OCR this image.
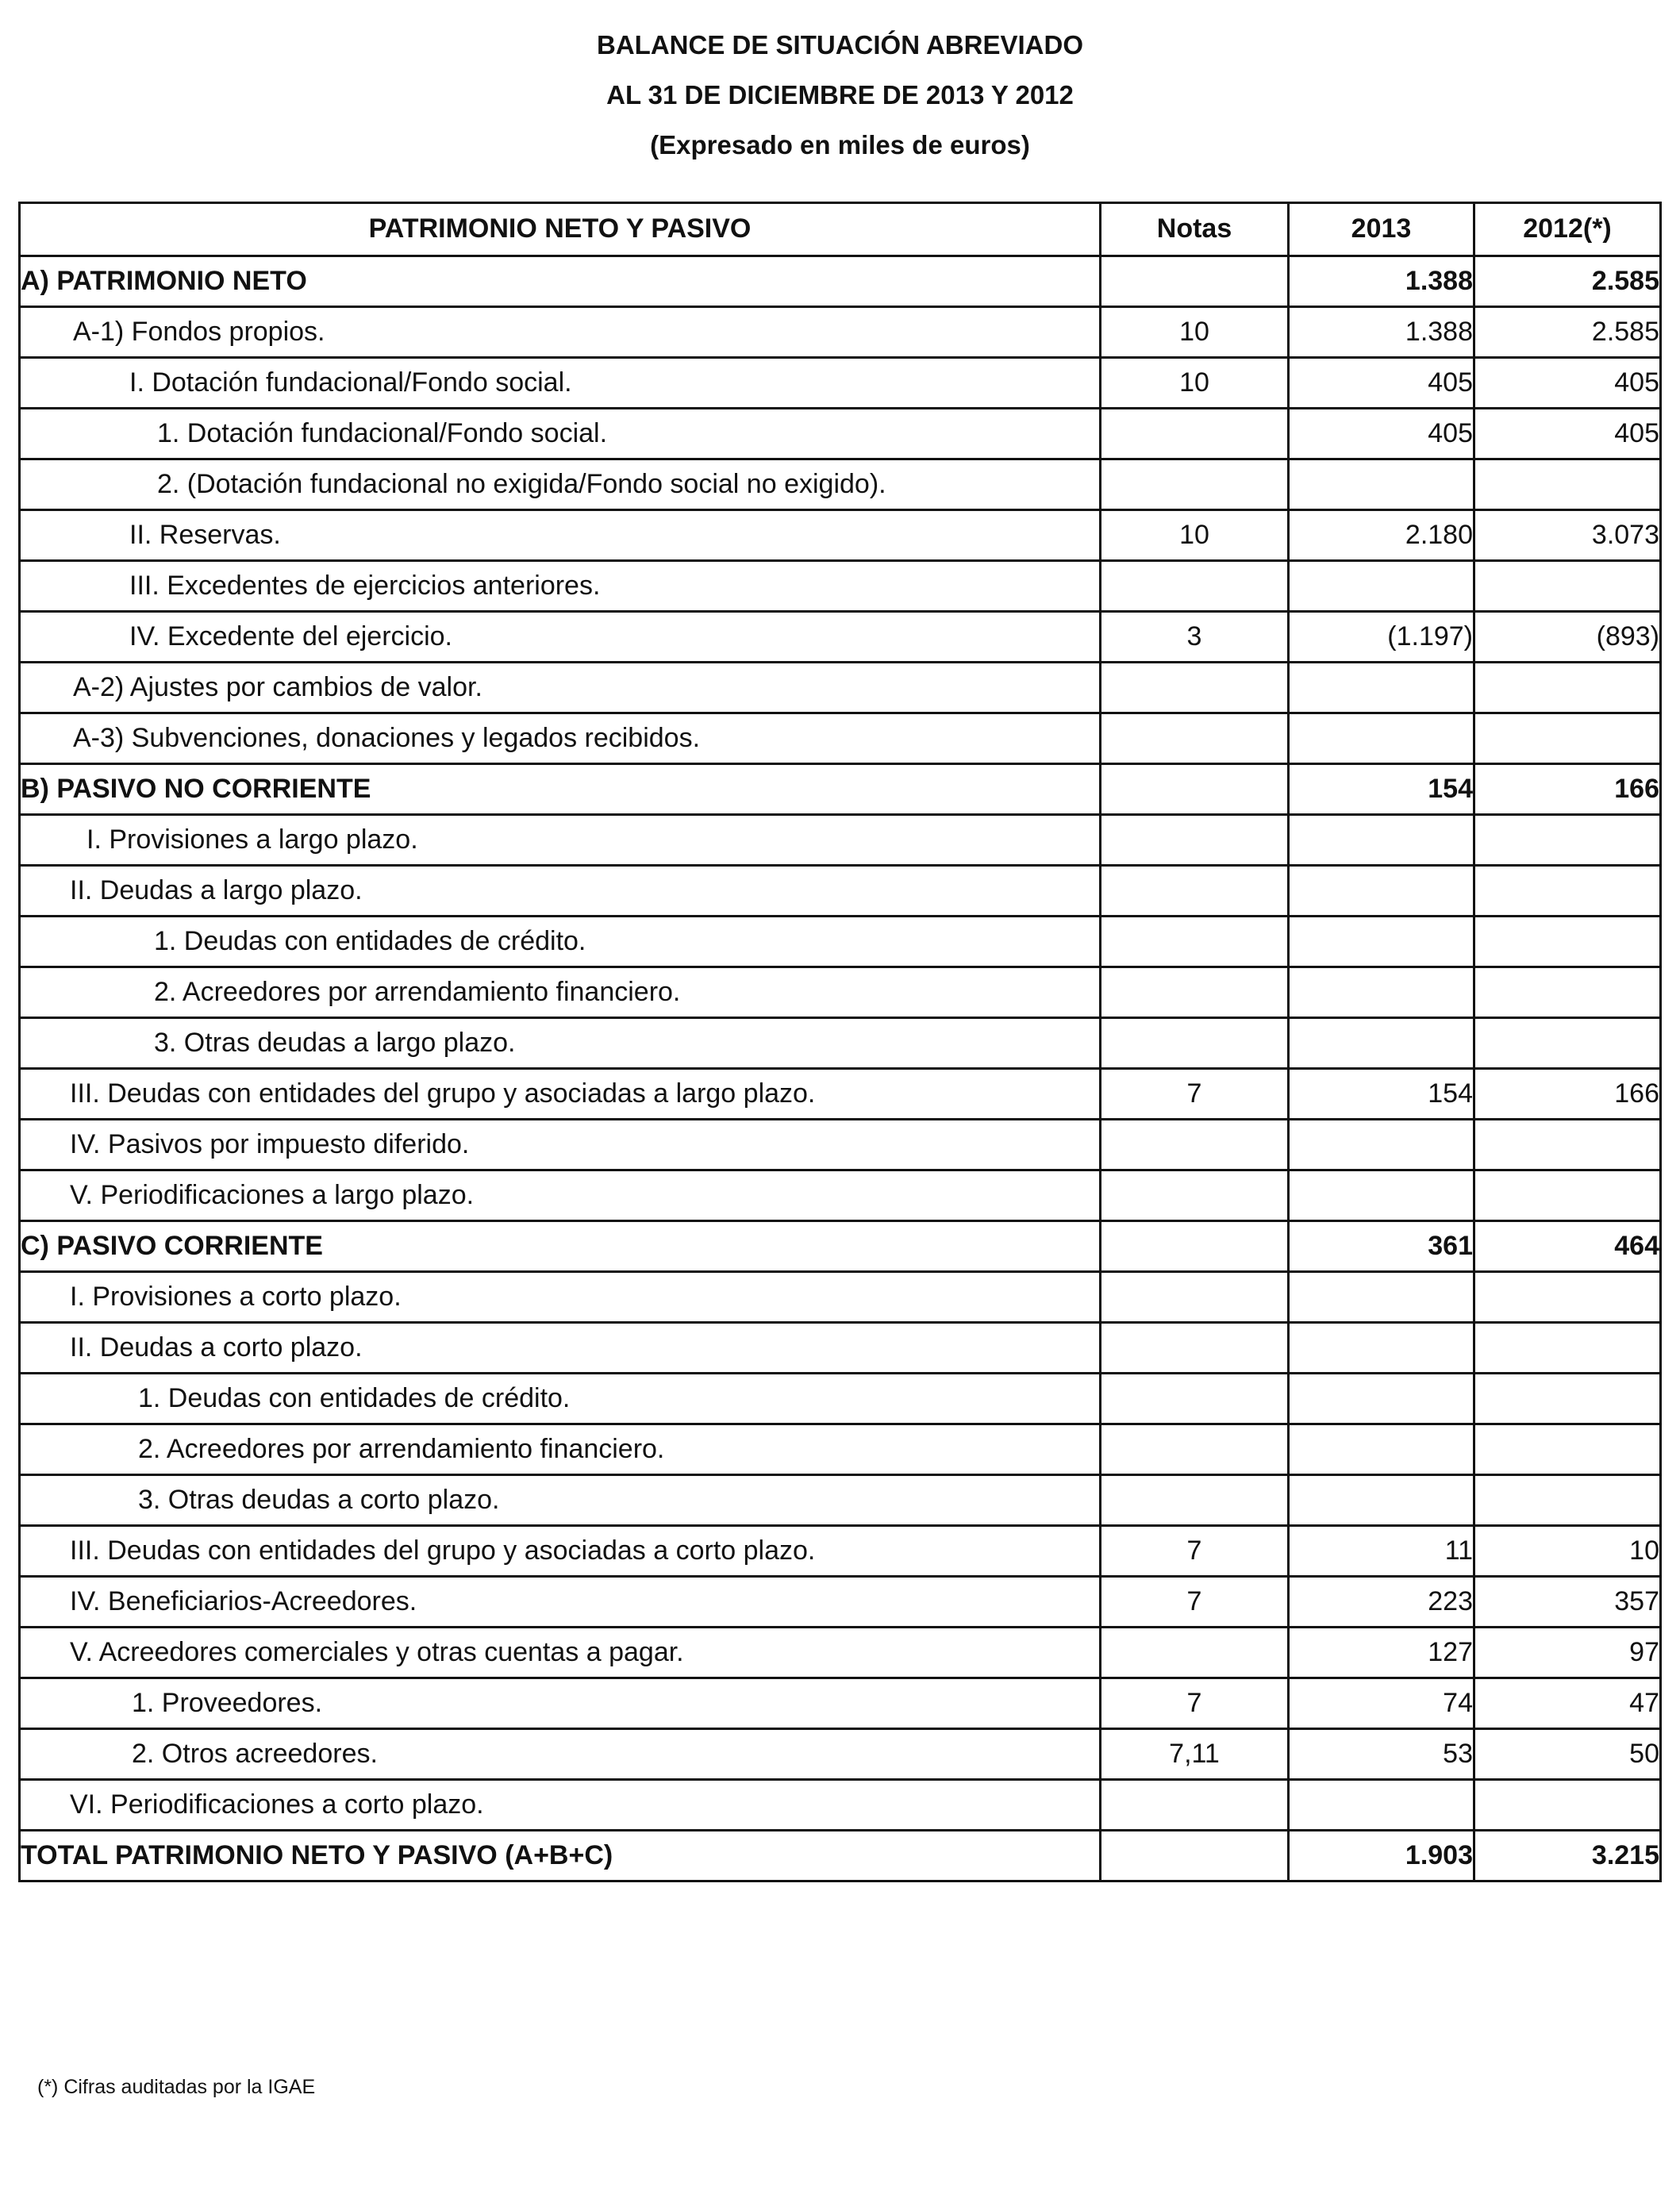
BALANCE DE SITUACIÓN ABREVIADO
AL 31 DE DICIEMBRE DE 2013 Y 2012
(Expresado en miles de euros)
PATRIMONIO NETO Y PASIVO	Notas	2013	2012(*)
A) PATRIMONIO NETO		1.388	2.585
A-1) Fondos propios.	10	1.388	2.585
I. Dotación fundacional/Fondo social.	10	405	405
1. Dotación fundacional/Fondo social.		405	405
2. (Dotación fundacional no exigida/Fondo social no exigido).			
II. Reservas.	10	2.180	3.073
III. Excedentes de ejercicios anteriores.			
IV. Excedente del ejercicio.	3	(1.197)	(893)
A-2) Ajustes por cambios de valor.			
A-3) Subvenciones, donaciones y legados recibidos.			
B) PASIVO NO CORRIENTE		154	166
I. Provisiones a largo plazo.			
II. Deudas a largo plazo.			
1. Deudas con entidades de crédito.			
2. Acreedores por arrendamiento financiero.			
3. Otras deudas a largo plazo.			
III. Deudas con entidades del grupo y asociadas a largo plazo.	7	154	166
IV. Pasivos por impuesto diferido.			
V. Periodificaciones a largo plazo.			
C) PASIVO CORRIENTE		361	464
I. Provisiones a corto plazo.			
II. Deudas a corto plazo.			
1. Deudas con entidades de crédito.			
2. Acreedores por arrendamiento financiero.			
3. Otras deudas a corto plazo.			
III. Deudas con entidades del grupo y asociadas a corto plazo.	7	11	10
IV. Beneficiarios-Acreedores.	7	223	357
V. Acreedores comerciales y otras cuentas a pagar.		127	97
1. Proveedores.	7	74	47
2. Otros acreedores.	7,11	53	50
VI. Periodificaciones a corto plazo.			
TOTAL PATRIMONIO NETO Y PASIVO (A+B+C)		1.903	3.215
(*) Cifras auditadas por la IGAE
